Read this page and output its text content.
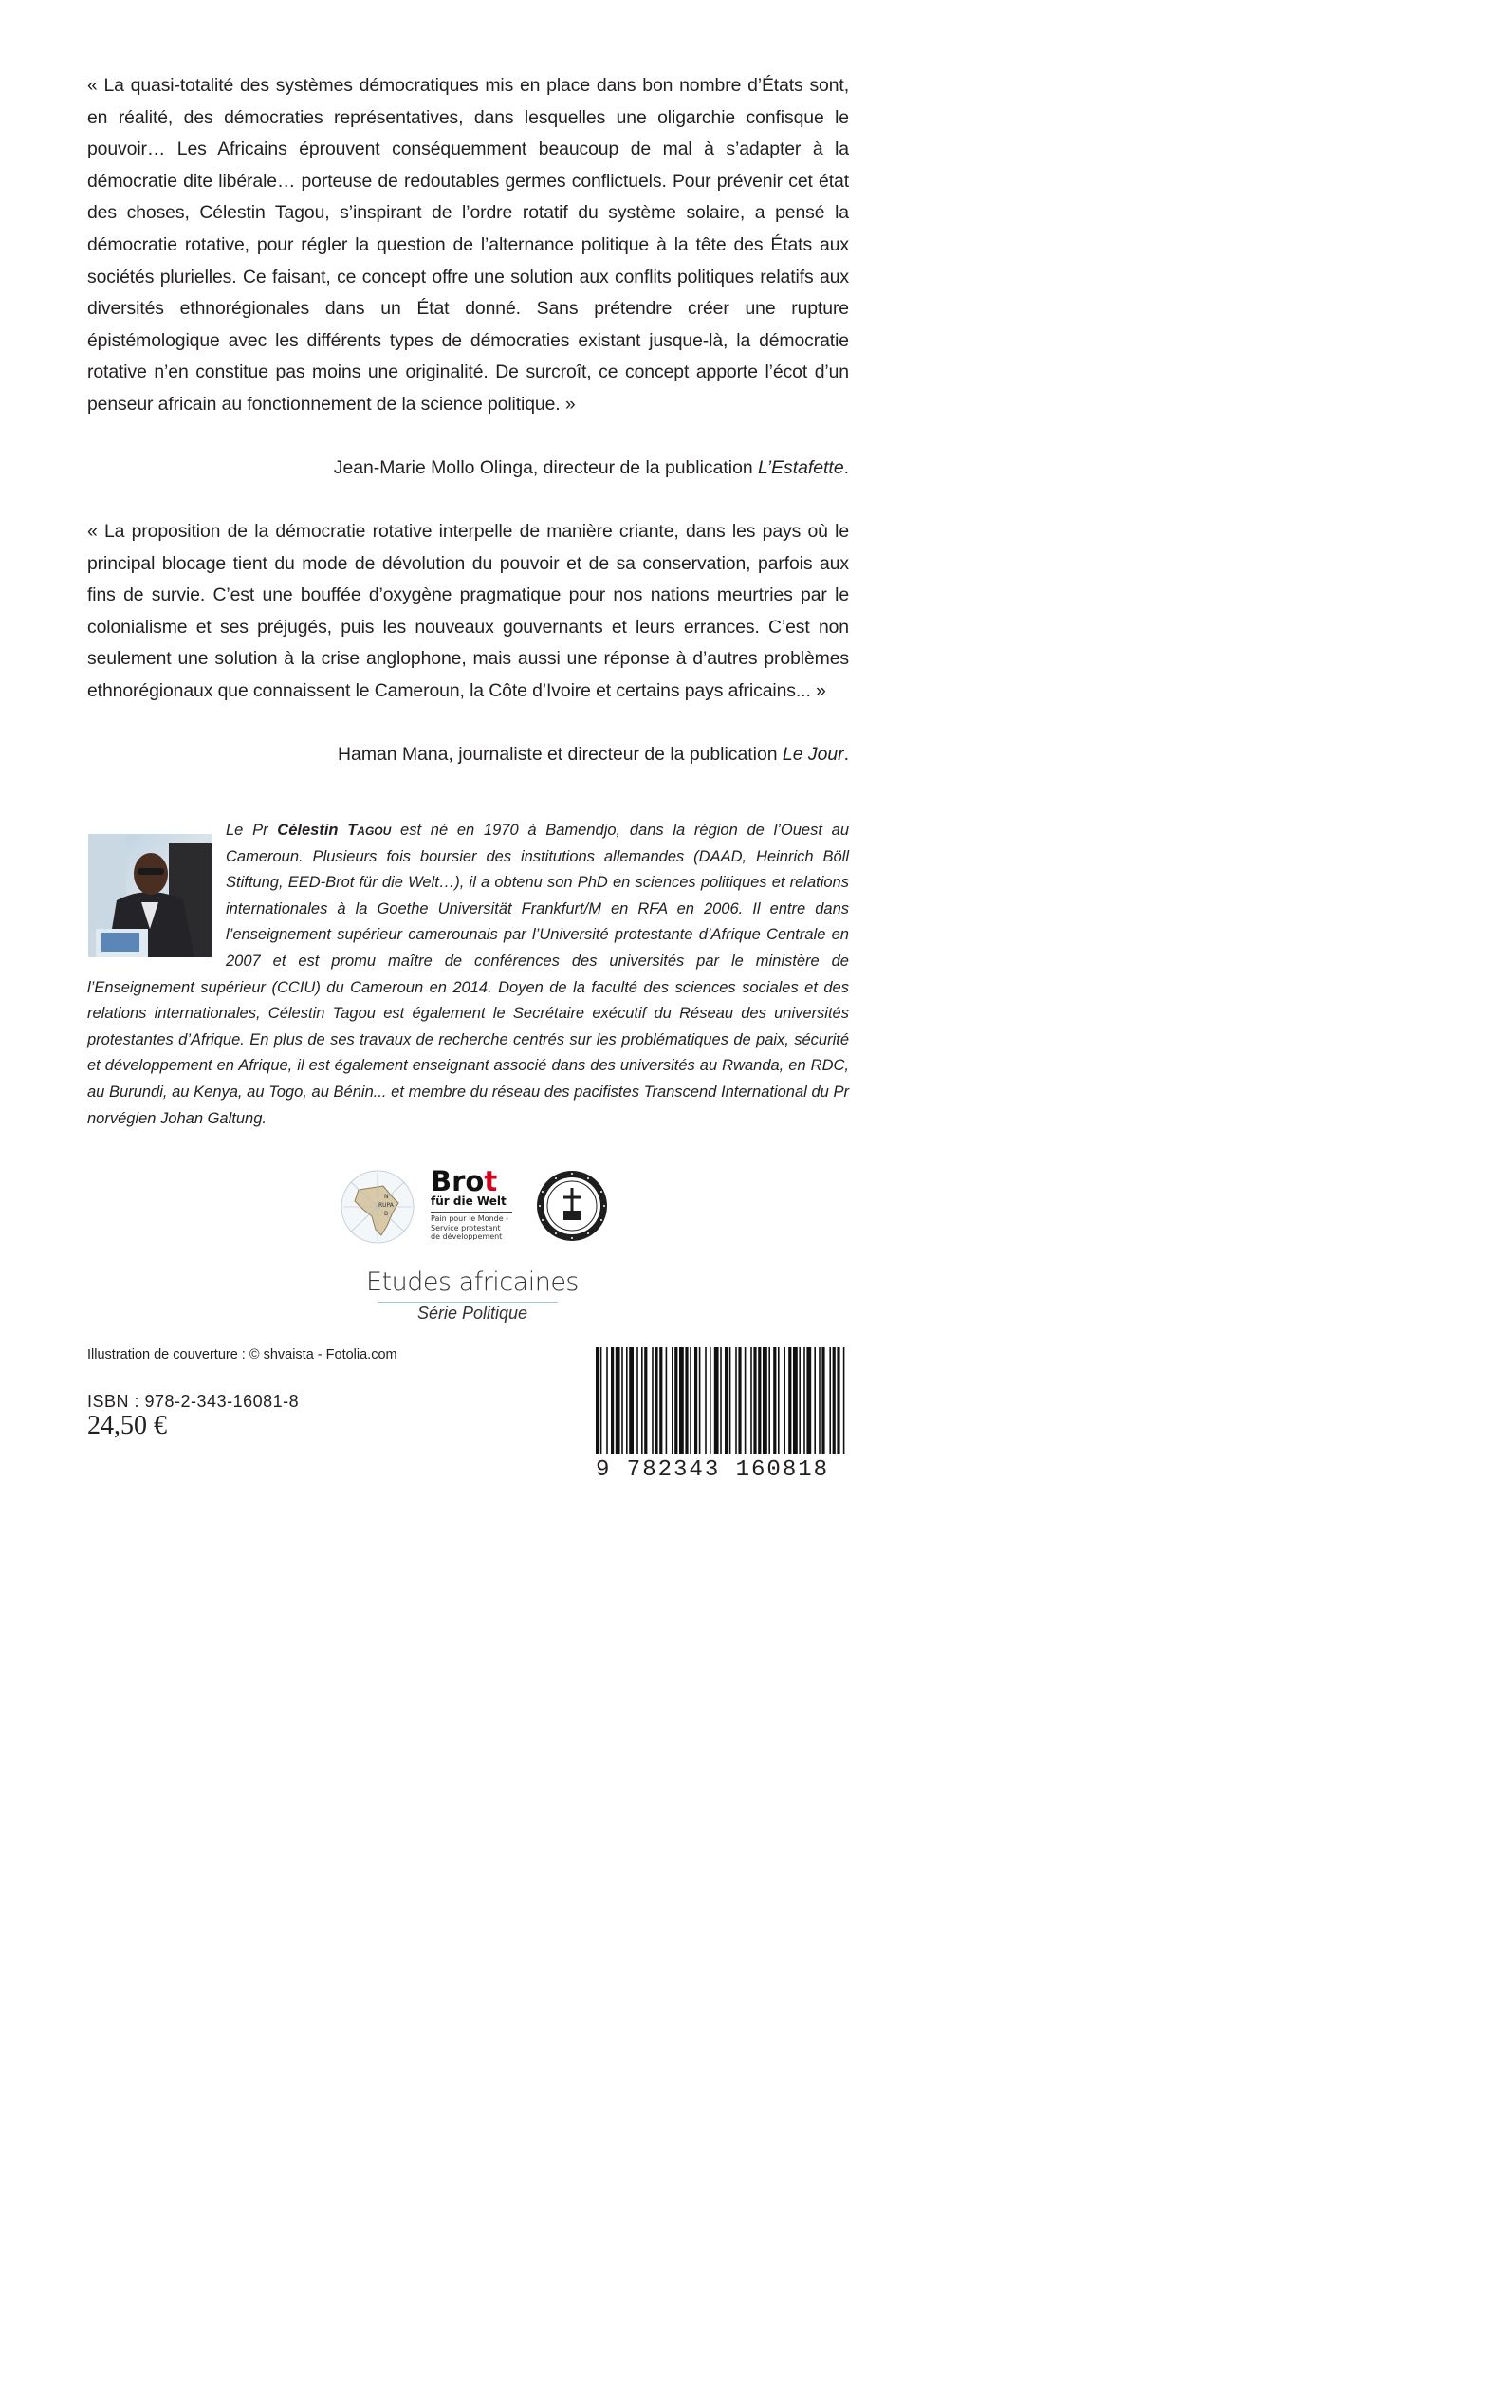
« La quasi-totalité des systèmes démocratiques mis en place dans bon nombre d’États sont, en réalité, des démocraties représentatives, dans lesquelles une oligarchie confisque le pouvoir… Les Africains éprouvent conséquemment beaucoup de mal à s’adapter à la démocratie dite libérale… porteuse de redoutables germes conflictuels. Pour prévenir cet état des choses, Célestin Tagou, s’inspirant de l’ordre rotatif du système solaire, a pensé la démocratie rotative, pour régler la question de l’alternance politique à la tête des États aux sociétés plurielles. Ce faisant, ce concept offre une solution aux conflits politiques relatifs aux diversités ethnorégionales dans un État donné. Sans prétendre créer une rupture épistémologique avec les différents types de démocraties existant jusque-là, la démocratie rotative n’en constitue pas moins une originalité. De surcroît, ce concept apporte l’écot d’un penseur africain au fonctionnement de la science politique. »

Jean-Marie Mollo Olinga, directeur de la publication L’Estafette.

« La proposition de la démocratie rotative interpelle de manière criante, dans les pays où le principal blocage tient du mode de dévolution du pouvoir et de sa conservation, parfois aux fins de survie. C’est une bouffée d’oxygène pragmatique pour nos nations meurtries par le colonialisme et ses préjugés, puis les nouveaux gouvernants et leurs errances. C’est non seulement une solution à la crise anglophone, mais aussi une réponse à d’autres problèmes ethnorégionaux que connaissent le Cameroun, la Côte d’Ivoire et certains pays africains... »

Haman Mana, journaliste et directeur de la publication Le Jour.

Le Pr Célestin Tagou est né en 1970 à Bamendjo, dans la région de l’Ouest au Cameroun. Plusieurs fois boursier des institutions allemandes (DAAD, Heinrich Böll Stiftung, EED-Brot für die Welt…), il a obtenu son PhD en sciences politiques et relations internationales à la Goethe Universität Frankfurt/M en RFA en 2006. Il entre dans l’enseignement supérieur camerounais par l’Université protestante d’Afrique Centrale en 2007 et est promu maître de conférences des universités par le ministère de l’Enseignement supérieur (CCIU) du Cameroun en 2014. Doyen de la faculté des sciences sociales et des relations internationales, Célestin Tagou est également le Secrétaire exécutif du Réseau des universités protestantes d’Afrique. En plus de ses travaux de recherche centrés sur les problématiques de paix, sécurité et développement en Afrique, il est également enseignant associé dans des universités au Rwanda, en RDC, au Burundi, au Kenya, au Togo, au Bénin... et membre du réseau des pacifistes Transcend International du Pr norvégien Johan Galtung.

N
RUPA
B
Brot
für die Welt
Pain pour le Monde -
Service protestant
de développement
Etudes africaines
Série Politique
Illustration de couverture : © shvaista - Fotolia.com
ISBN : 978-2-343-16081-8
24,50 €
9 782343 160818
